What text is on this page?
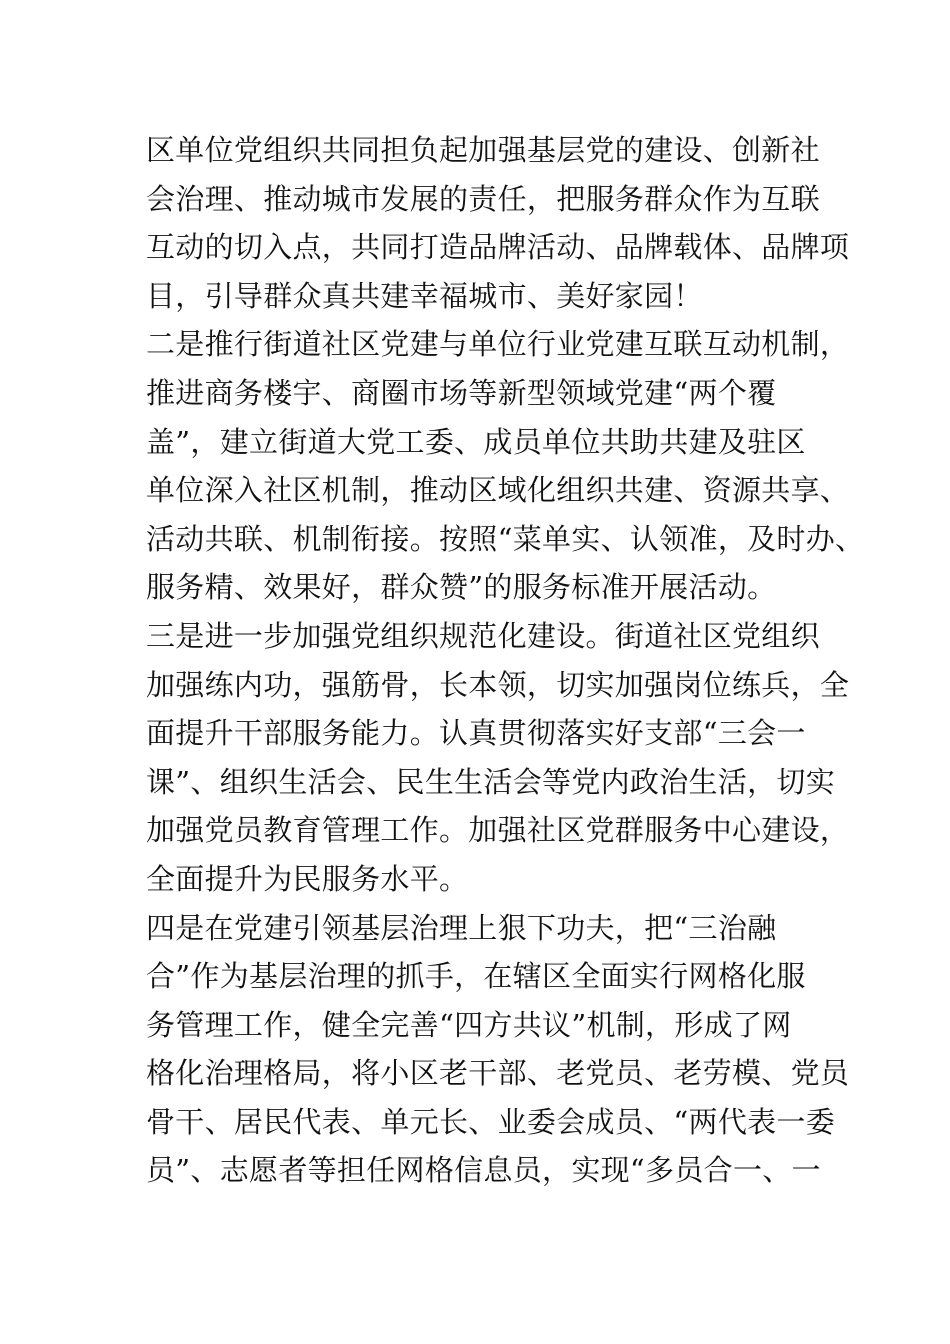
区单位党组织共同担负起加强基层党的建设、创新社
会治理、推动城市发展的责任，把服务群众作为互联
互动的切入点，共同打造品牌活动、品牌载体、品牌项
目，引导群众真共建幸福城市、美好家园！
二是推行街道社区党建与单位行业党建互联互动机制，
推进商务楼宇、商圈市场等新型领域党建“两个覆
盖”，建立街道大党工委、成员单位共助共建及驻区
单位深入社区机制，推动区域化组织共建、资源共享、
活动共联、机制衔接。按照“菜单实、认领准，及时办、
服务精、效果好，群众赞”的服务标准开展活动。
三是进一步加强党组织规范化建设。街道社区党组织
加强练内功，强筋骨，长本领，切实加强岗位练兵，全
面提升干部服务能力。认真贯彻落实好支部“三会一
课”、组织生活会、民生生活会等党内政治生活，切实
加强党员教育管理工作。加强社区党群服务中心建设，
全面提升为民服务水平。
四是在党建引领基层治理上狠下功夫，把“三治融
合”作为基层治理的抓手，在辖区全面实行网格化服
务管理工作，健全完善“四方共议”机制，形成了网
格化治理格局，将小区老干部、老党员、老劳模、党员
骨干、居民代表、单元长、业委会成员、“两代表一委
员”、志愿者等担任网格信息员，实现“多员合一、一
